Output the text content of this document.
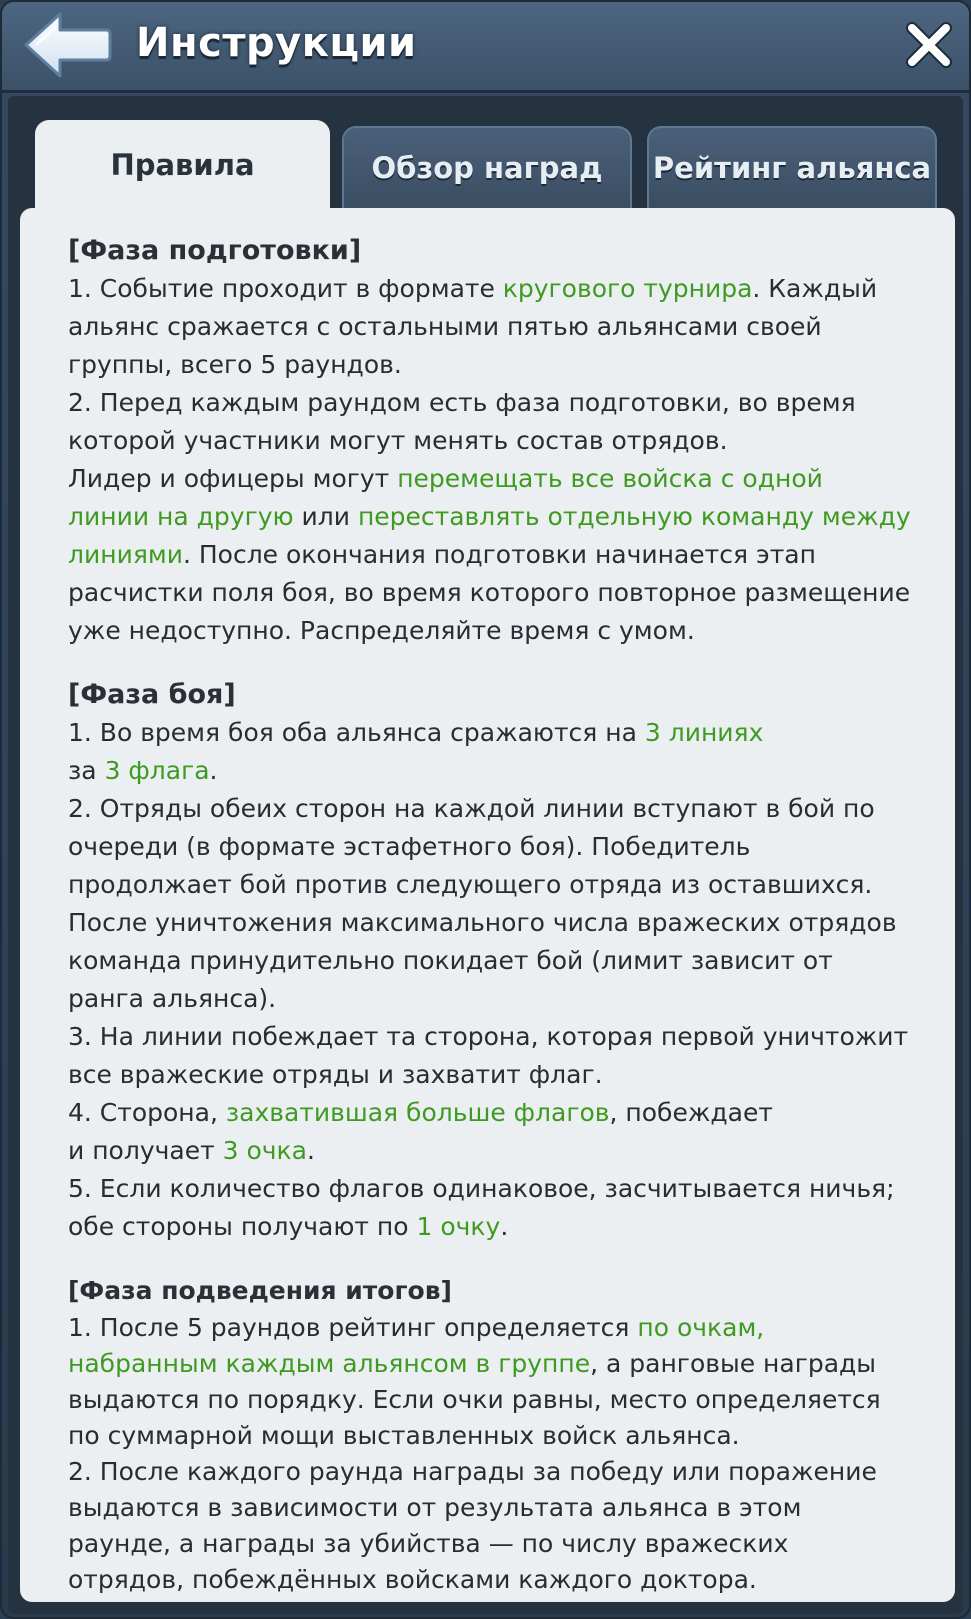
Инструкции
Правила	Обзор наград	Рейтинг альянса
[Фаза подготовки]
1. Событие проходит в формате кругового турнира. Каждый альянс сражается с остальными пятью альянсами своей группы, всего 5 раундов.
2. Перед каждым раундом есть фаза подготовки, во время которой участники могут менять состав отрядов.
Лидер и офицеры могут перемещать все войска с одной линии на другую или переставлять отдельную команду между линиями. После окончания подготовки начинается этап расчистки поля боя, во время которого повторное размещение уже недоступно. Распределяйте время с умом.
[Фаза боя]
1. Во время боя оба альянса сражаются на 3 линиях
за 3 флага.
2. Отряды обеих сторон на каждой линии вступают в бой по очереди (в формате эстафетного боя). Победитель продолжает бой против следующего отряда из оставшихся. После уничтожения максимального числа вражеских отрядов команда принудительно покидает бой (лимит зависит от ранга альянса).
3. На линии побеждает та сторона, которая первой уничтожит все вражеские отряды и захватит флаг.
4. Сторона, захватившая больше флагов, побеждает
и получает 3 очка.
5. Если количество флагов одинаковое, засчитывается ничья; обе стороны получают по 1 очку.
[Фаза подведения итогов]
1. После 5 раундов рейтинг определяется по очкам, набранным каждым альянсом в группе, а ранговые награды выдаются по порядку. Если очки равны, место определяется по суммарной мощи выставленных войск альянса.
2. После каждого раунда награды за победу или поражение выдаются в зависимости от результата альянса в этом раунде, а награды за убийства — по числу вражеских отрядов, побеждённых войсками каждого доктора.
